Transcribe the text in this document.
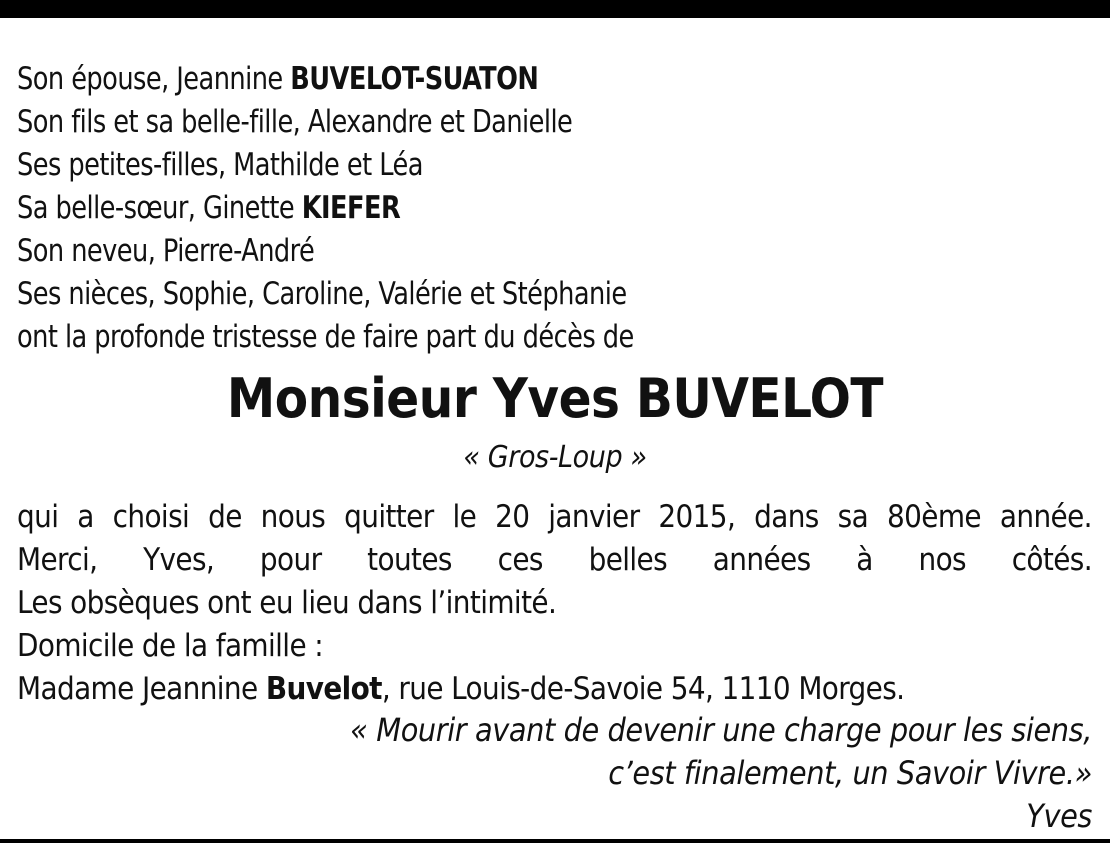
Son épouse, Jeannine BUVELOT-SUATON
Son fils et sa belle-fille, Alexandre et Danielle
Ses petites-filles, Mathilde et Léa
Sa belle-sœur, Ginette KIEFER
Son neveu, Pierre-André
Ses nièces, Sophie, Caroline, Valérie et Stéphanie
ont la profonde tristesse de faire part du décès de
Monsieur Yves BUVELOT
« Gros-Loup »
qui a choisi de nous quitter le 20 janvier 2015, dans sa 80ème année.
Merci, Yves, pour toutes ces belles années à nos côtés.
Les obsèques ont eu lieu dans l’intimité.
Domicile de la famille :
Madame Jeannine Buvelot, rue Louis-de-Savoie 54, 1110 Morges.
« Mourir avant de devenir une charge pour les siens,
c’est finalement, un Savoir Vivre.»
Yves
